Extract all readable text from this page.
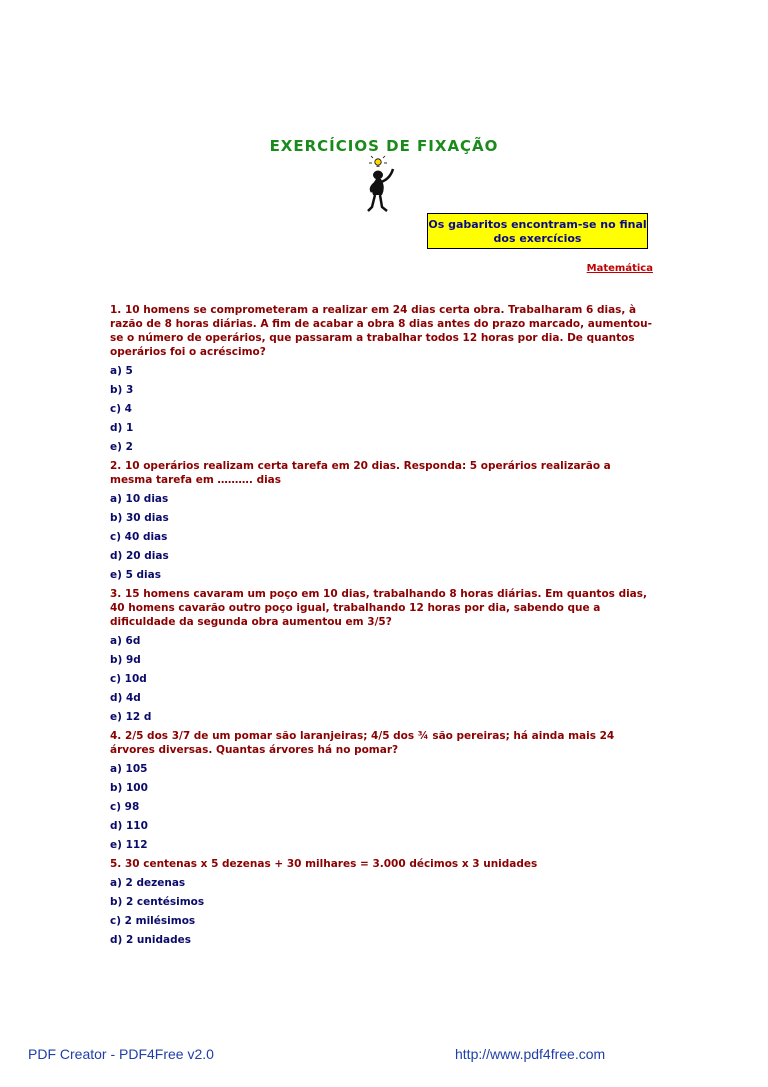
EXERCÍCIOS DE FIXAÇÃO
Os gabaritos encontram-se no final
dos exercícios
Matemática

1. 10 homens se comprometeram a realizar em 24 dias certa obra. Trabalharam 6 dias, à razão de 8 horas diárias. A fim de acabar a obra 8 dias antes do prazo marcado, aumentou-se o número de operários, que passaram a trabalhar todos 12 horas por dia. De quantos operários foi o acréscimo?

a) 5

b) 3

c) 4

d) 1

e) 2

2. 10 operários realizam certa tarefa em 20 dias. Responda: 5 operários realizarão a mesma tarefa em ………. dias

a) 10 dias

b) 30 dias

c) 40 dias

d) 20 dias

e) 5 dias

3. 15 homens cavaram um poço em 10 dias, trabalhando 8 horas diárias. Em quantos dias, 40 homens cavarão outro poço igual, trabalhando 12 horas por dia, sabendo que a dificuldade da segunda obra aumentou em 3/5?

a) 6d

b) 9d

c) 10d

d) 4d

e) 12 d

4. 2/5 dos 3/7 de um pomar são laranjeiras; 4/5 dos ¾ são pereiras; há ainda mais 24 árvores diversas. Quantas árvores há no pomar?

a) 105

b) 100

c) 98

d) 110

e) 112

5. 30 centenas x 5 dezenas + 30 milhares = 3.000 décimos x 3 unidades

a) 2 dezenas

b) 2 centésimos

c) 2 milésimos

d) 2 unidades

PDF Creator - PDF4Free v2.0	http://www.pdf4free.com
